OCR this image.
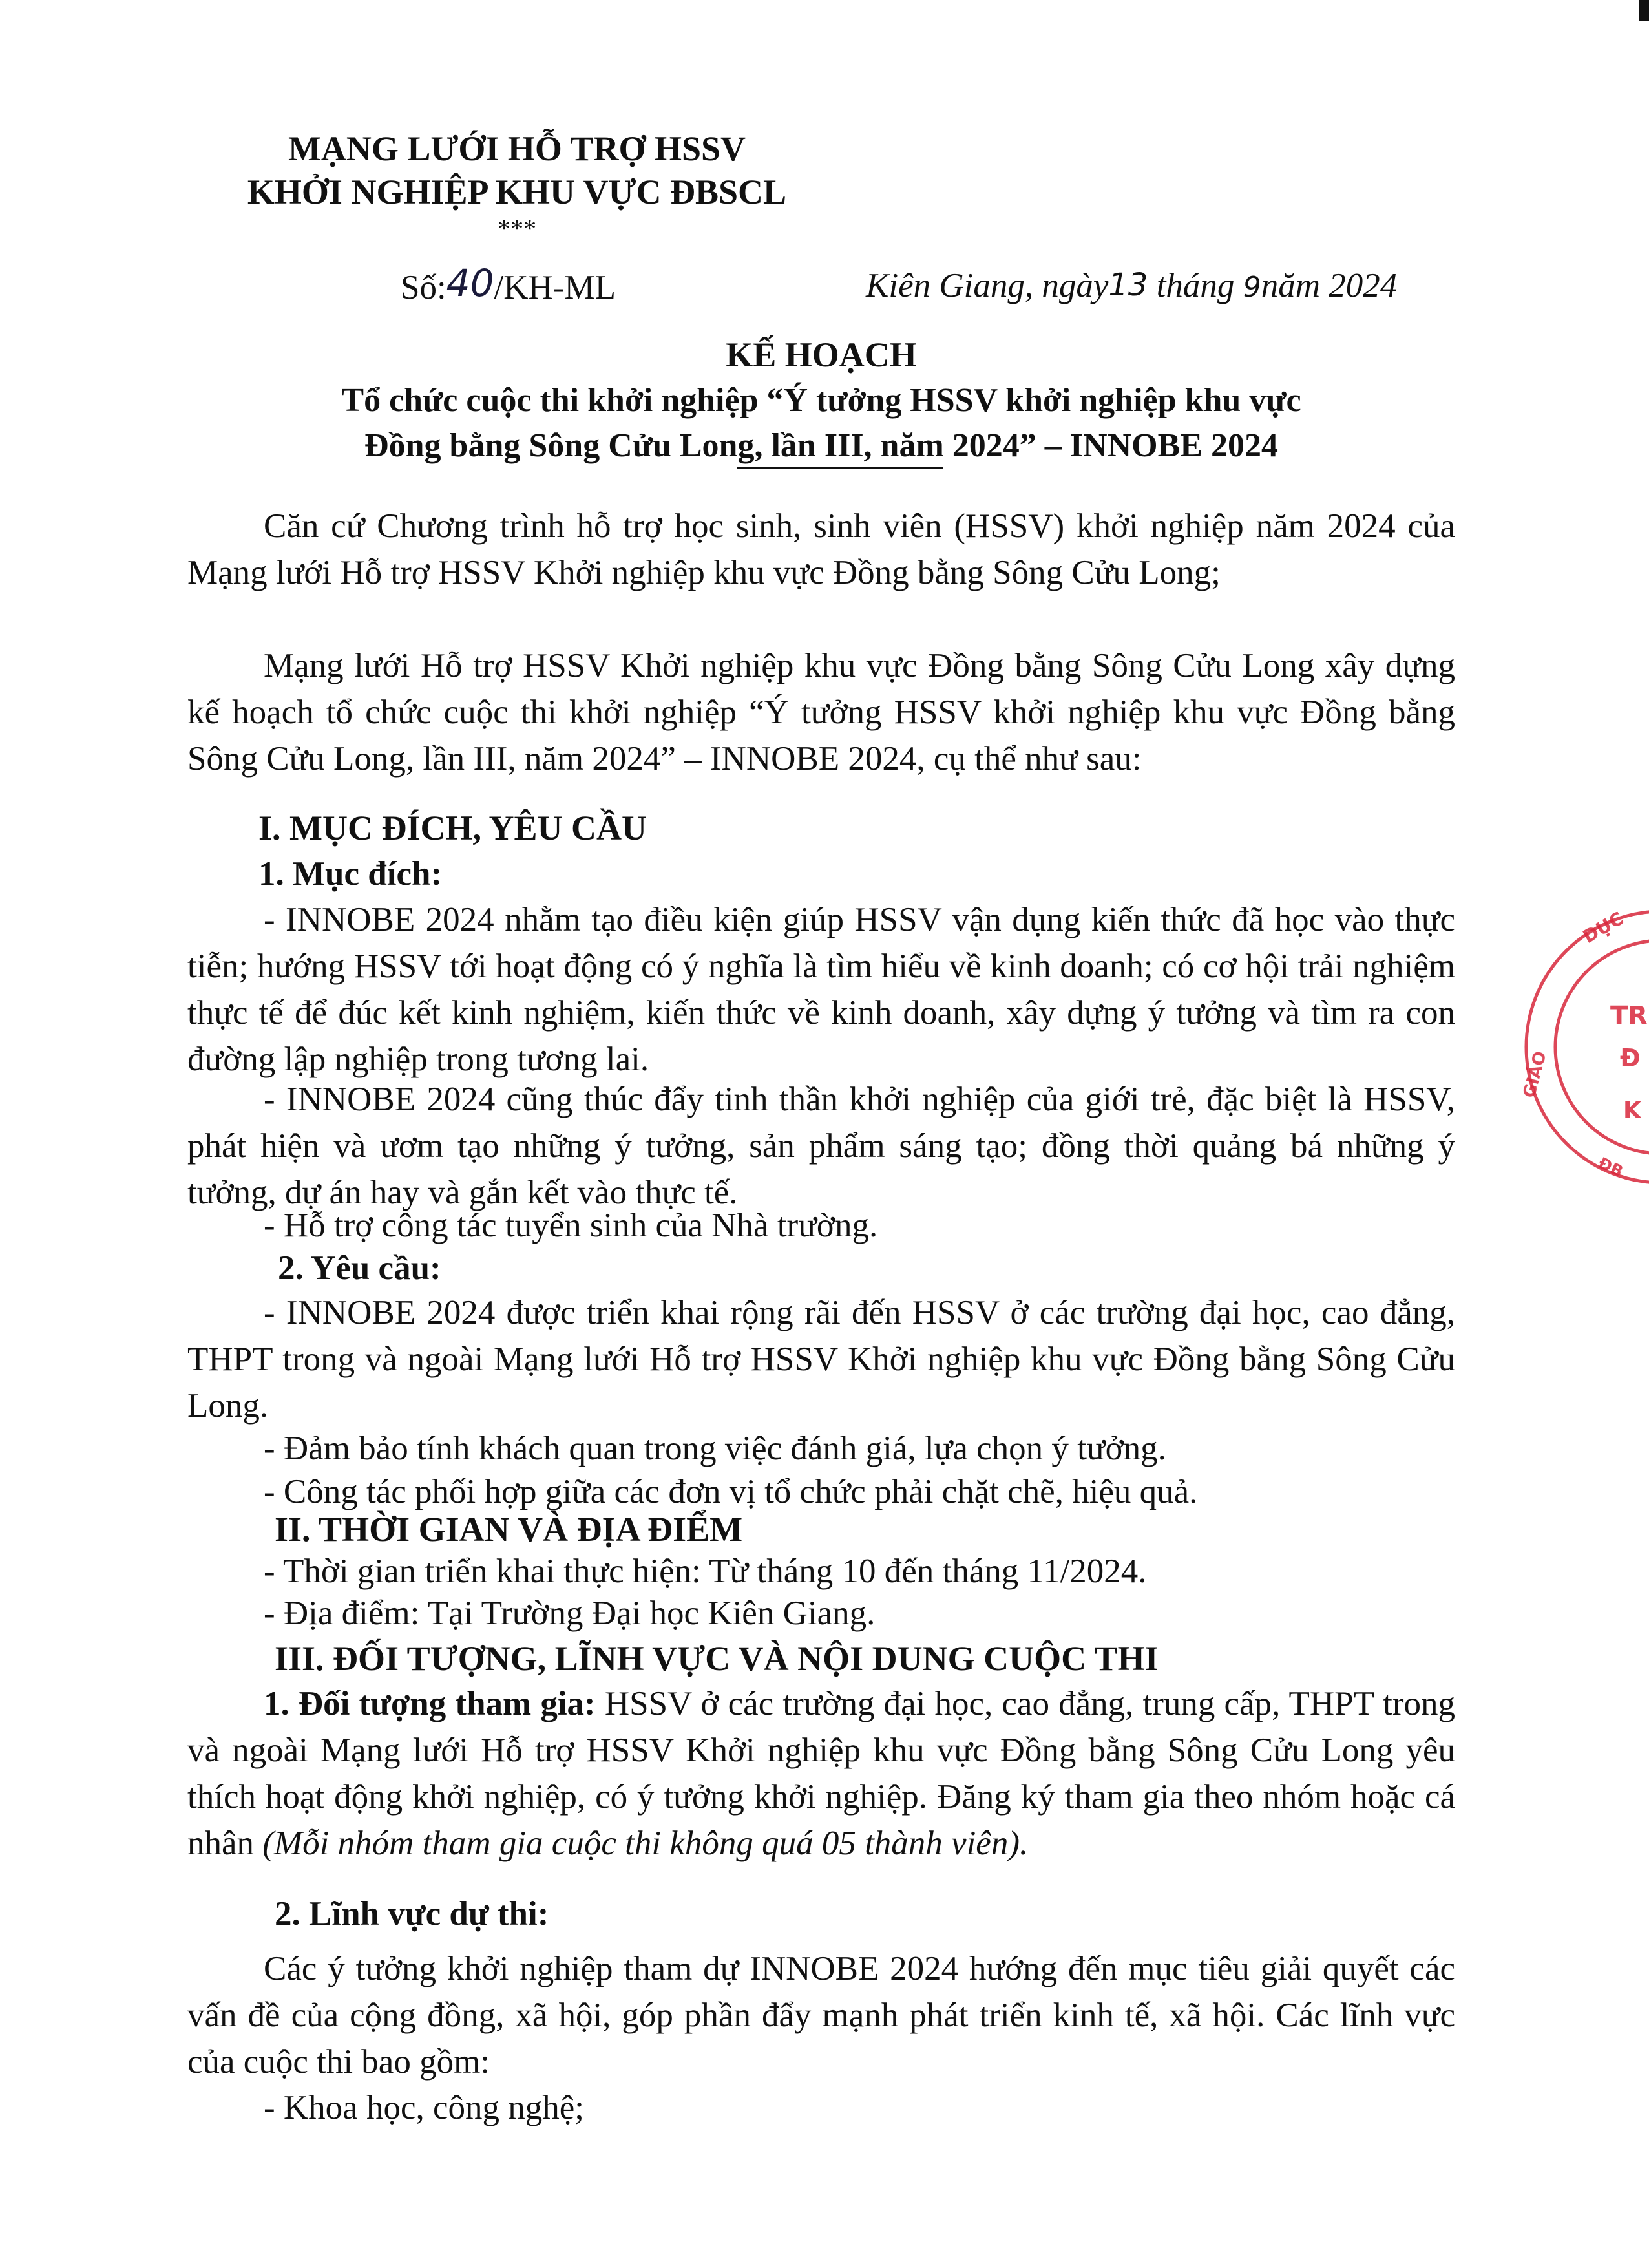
MẠNG LƯỚI HỖ TRỢ HSSV
KHỞI NGHIỆP KHU VỰC ĐBSCL
***
Số:40/KH-ML	Kiên Giang, ngày13 tháng 9năm 2024
KẾ HOẠCH
Tổ chức cuộc thi khởi nghiệp “Ý tưởng HSSV khởi nghiệp khu vực
Đồng bằng Sông Cửu Long, lần III, năm 2024” – INNOBE 2024
Căn cứ Chương trình hỗ trợ học sinh, sinh viên (HSSV) khởi nghiệp năm 2024 của Mạng lưới Hỗ trợ HSSV Khởi nghiệp khu vực Đồng bằng Sông Cửu Long;
Mạng lưới Hỗ trợ HSSV Khởi nghiệp khu vực Đồng bằng Sông Cửu Long xây dựng kế hoạch tổ chức cuộc thi khởi nghiệp “Ý tưởng HSSV khởi nghiệp khu vực Đồng bằng Sông Cửu Long, lần III, năm 2024” – INNOBE 2024, cụ thể như sau:
I. MỤC ĐÍCH, YÊU CẦU
1. Mục đích:
- INNOBE 2024 nhằm tạo điều kiện giúp HSSV vận dụng kiến thức đã học vào thực tiễn; hướng HSSV tới hoạt động có ý nghĩa là tìm hiểu về kinh doanh; có cơ hội trải nghiệm thực tế để đúc kết kinh nghiệm, kiến thức về kinh doanh, xây dựng ý tưởng và tìm ra con đường lập nghiệp trong tương lai.
- INNOBE 2024 cũng thúc đẩy tinh thần khởi nghiệp của giới trẻ, đặc biệt là HSSV, phát hiện và ươm tạo những ý tưởng, sản phẩm sáng tạo; đồng thời quảng bá những ý tưởng, dự án hay và gắn kết vào thực tế.
- Hỗ trợ công tác tuyển sinh của Nhà trường.
2. Yêu cầu:
- INNOBE 2024 được triển khai rộng rãi đến HSSV ở các trường đại học, cao đẳng, THPT trong và ngoài Mạng lưới Hỗ trợ HSSV Khởi nghiệp khu vực Đồng bằng Sông Cửu Long.
- Đảm bảo tính khách quan trong việc đánh giá, lựa chọn ý tưởng.
- Công tác phối hợp giữa các đơn vị tổ chức phải chặt chẽ, hiệu quả.
II. THỜI GIAN VÀ ĐỊA ĐIỂM
- Thời gian triển khai thực hiện: Từ tháng 10 đến tháng 11/2024.
- Địa điểm: Tại Trường Đại học Kiên Giang.
III. ĐỐI TƯỢNG, LĨNH VỰC VÀ NỘI DUNG CUỘC THI
1. Đối tượng tham gia: HSSV ở các trường đại học, cao đẳng, trung cấp, THPT trong và ngoài Mạng lưới Hỗ trợ HSSV Khởi nghiệp khu vực Đồng bằng Sông Cửu Long yêu thích hoạt động khởi nghiệp, có ý tưởng khởi nghiệp. Đăng ký tham gia theo nhóm hoặc cá nhân (Mỗi nhóm tham gia cuộc thi không quá 05 thành viên).
2. Lĩnh vực dự thi:
Các ý tưởng khởi nghiệp tham dự INNOBE 2024 hướng đến mục tiêu giải quyết các vấn đề của cộng đồng, xã hội, góp phần đẩy mạnh phát triển kinh tế, xã hội. Các lĩnh vực của cuộc thi bao gồm:
- Khoa học, công nghệ;
GIÁO
DỤC
TR
Đ
K
ĐB
